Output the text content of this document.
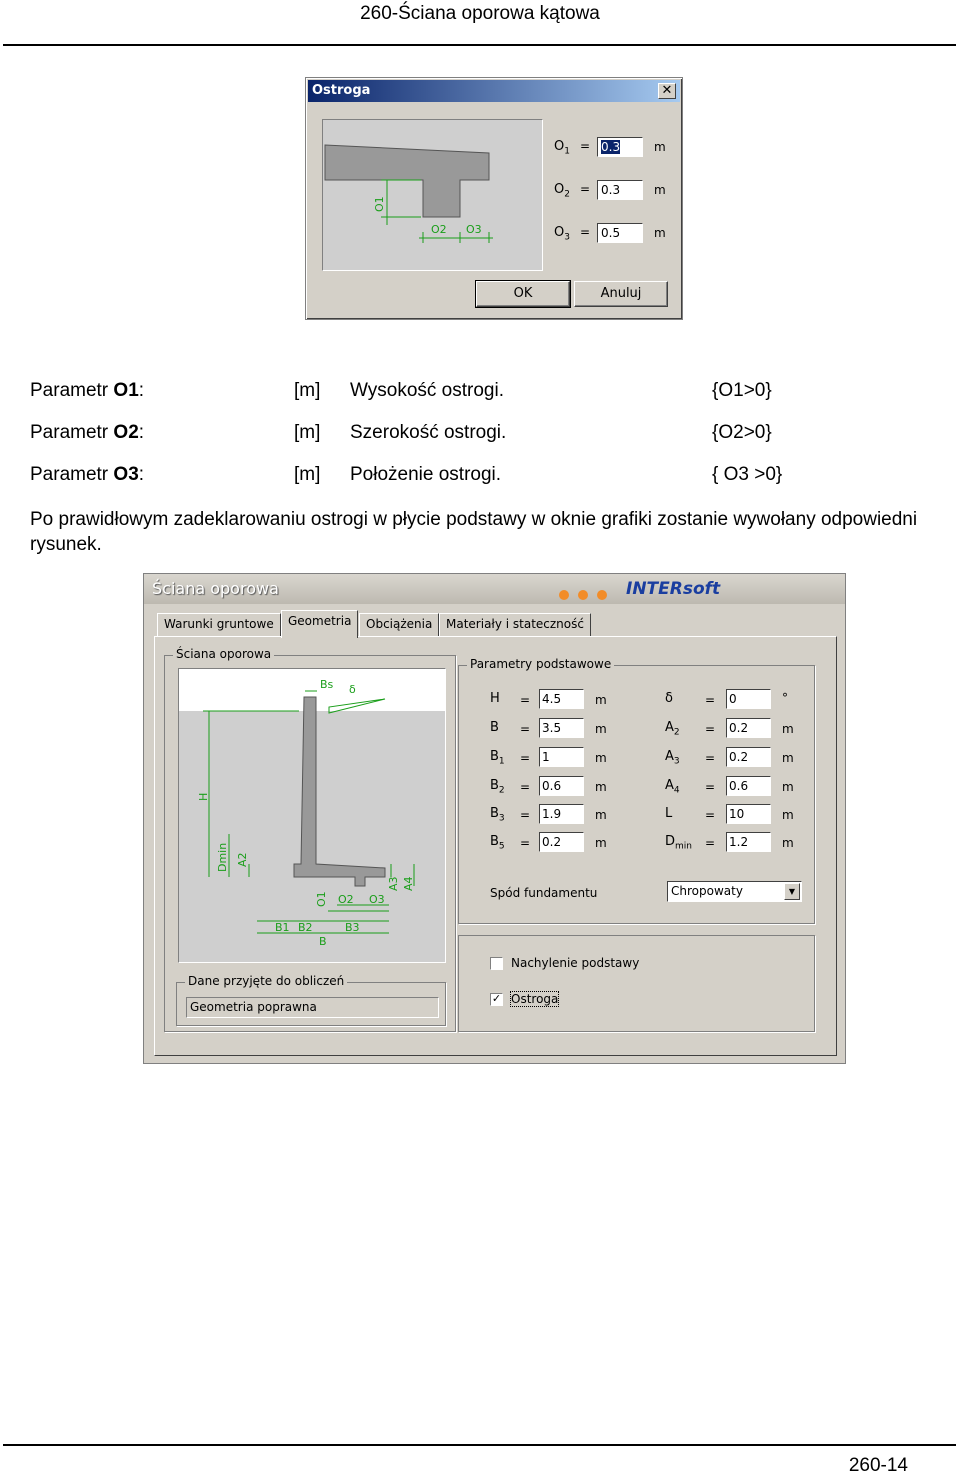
260-Ściana oporowa kątowa
Ostroga	✕
O1
O2 O3
$O_1 = 0.3$	m
$O_2 = 0.3$	m
$O_3 = 0.5$	m
OK	Anuluj
Parametr O1:	[m] Wysokość ostrogi.	{O1>0}
Parametr O2:	[m] Szerokość ostrogi.	{O2>0}
Parametr O3:	[m] Położenie ostrogi.	{ O3 >0}
Po prawidłowym zadeklarowaniu ostrogi w płycie podstawy w oknie grafiki zostanie wywołany odpowiedni rysunek.
Ściana oporowa	INTERsoft
Warunki gruntowe	Geometria	Obciążenia	Materiały i stateczność
Ściana oporowa
Bs δ
H
Dmin A2
A3 A4
O1 O2 O3
B1 B2	B3
B
Dane przyjęte do obliczeń
Geometria poprawna
Parametry podstawowe
H = 4.5	m
B = 3.5	m
$B_1 = 1$	m
$B_2 = 0.6$	m
$B_3 = 1.9$	m
$B_5 = 0.2$	m
δ	= 0	°
$A_2 = 0.2$	m
$A_3 = 0.2$	m
$A_4 = 0.6$	m
L	= 10	m
$D_{min} = 1.2$	m
Spód fundamentu	Chropowaty	▼
Nachylenie podstawy
✓ Ostroga
260-14
